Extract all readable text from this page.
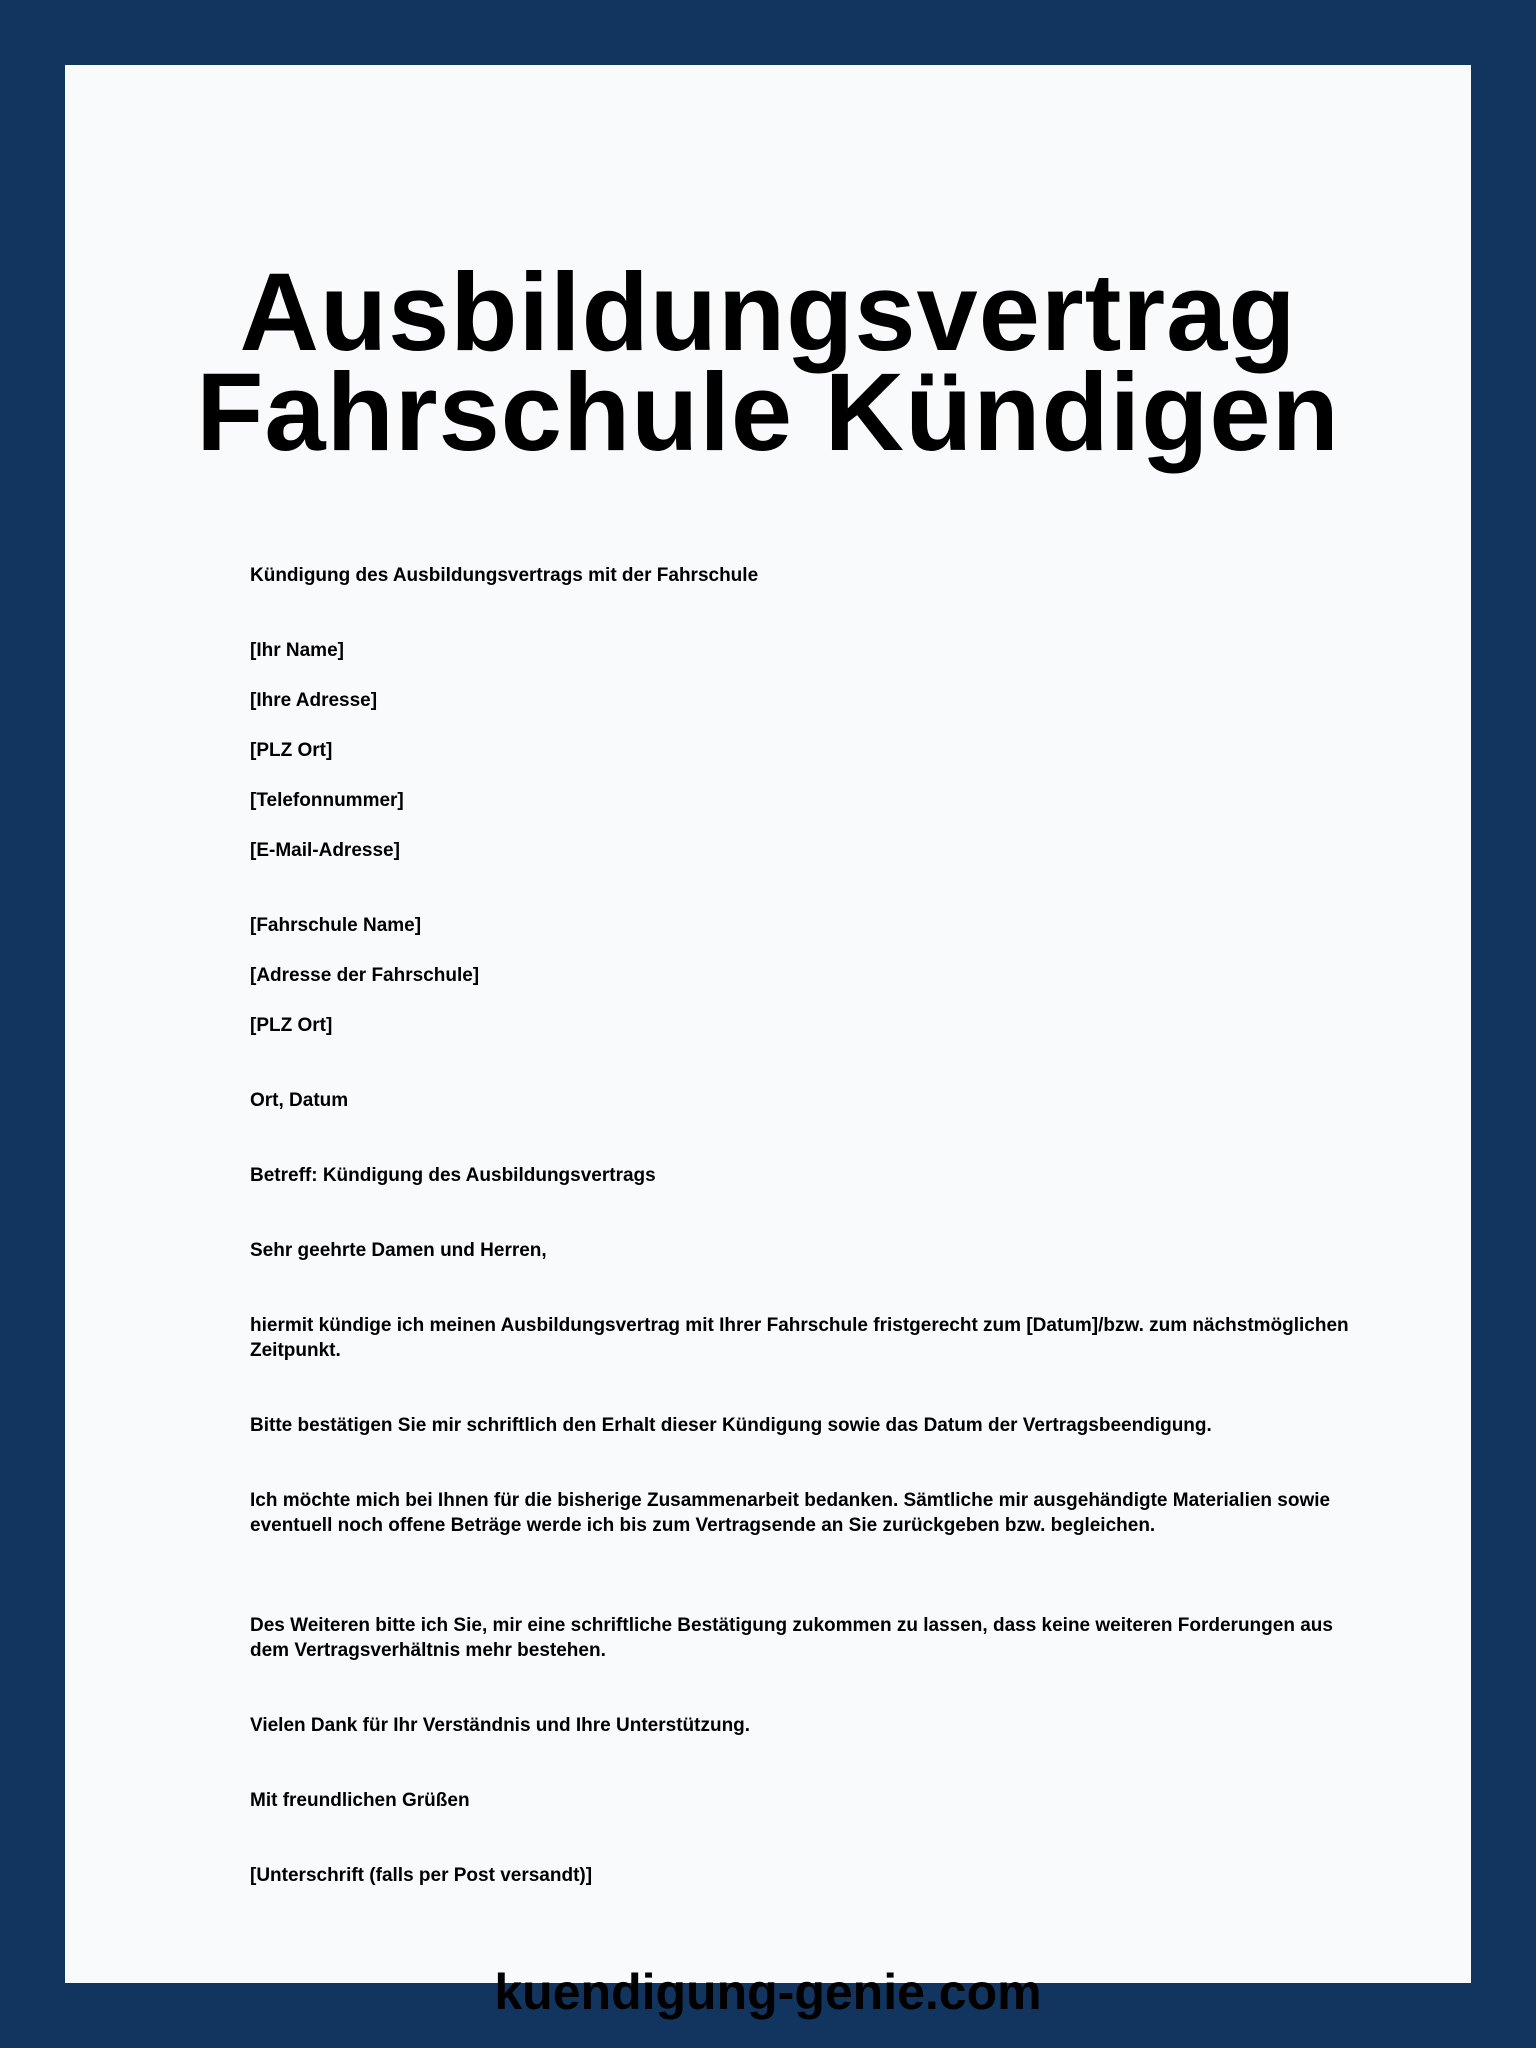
Ausbildungsvertrag
Fahrschule Kündigen

Kündigung des Ausbildungsvertrags mit der Fahrschule

[Ihr Name]

[Ihre Adresse]

[PLZ Ort]

[Telefonnummer]

[E-Mail-Adresse]

[Fahrschule Name]

[Adresse der Fahrschule]

[PLZ Ort]

Ort, Datum

Betreff: Kündigung des Ausbildungsvertrags

Sehr geehrte Damen und Herren,

hiermit kündige ich meinen Ausbildungsvertrag mit Ihrer Fahrschule fristgerecht zum [Datum]/bzw. zum nächstmöglichen Zeitpunkt.

Bitte bestätigen Sie mir schriftlich den Erhalt dieser Kündigung sowie das Datum der Vertragsbeendigung.

Ich möchte mich bei Ihnen für die bisherige Zusammenarbeit bedanken. Sämtliche mir ausgehändigte Materialien sowie eventuell noch offene Beträge werde ich bis zum Vertragsende an Sie zurückgeben bzw. begleichen.

Des Weiteren bitte ich Sie, mir eine schriftliche Bestätigung zukommen zu lassen, dass keine weiteren Forderungen aus dem Vertragsverhältnis mehr bestehen.

Vielen Dank für Ihr Verständnis und Ihre Unterstützung.

Mit freundlichen Grüßen

[Unterschrift (falls per Post versandt)]

kuendigung-genie.com
